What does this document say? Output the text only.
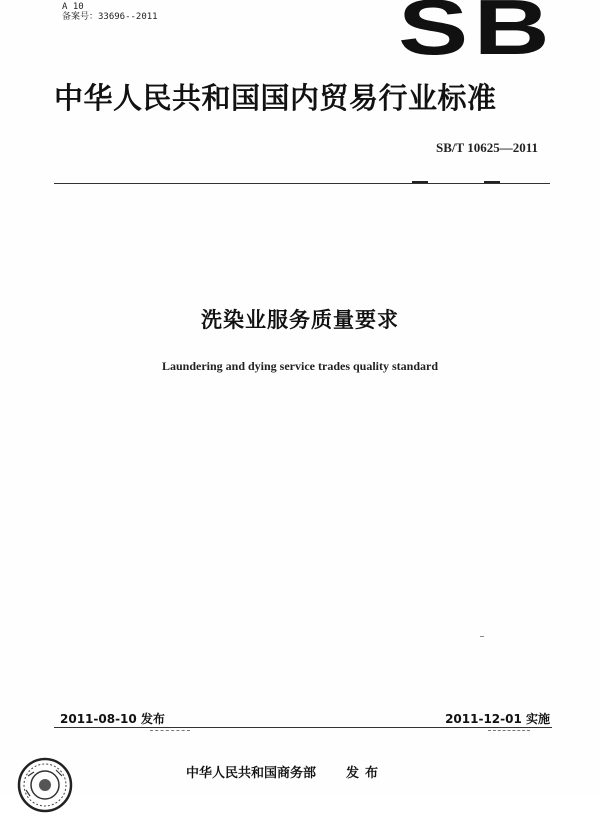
A 10
备案号：33696--2011	SB
中华人民共和国国内贸易行业标准
SB/T 10625—2011
洗染业服务质量要求
Laundering and dying service trades quality standard
2011-08-10 发布	2011-12-01 实施
中华人民共和国商务部 发布
